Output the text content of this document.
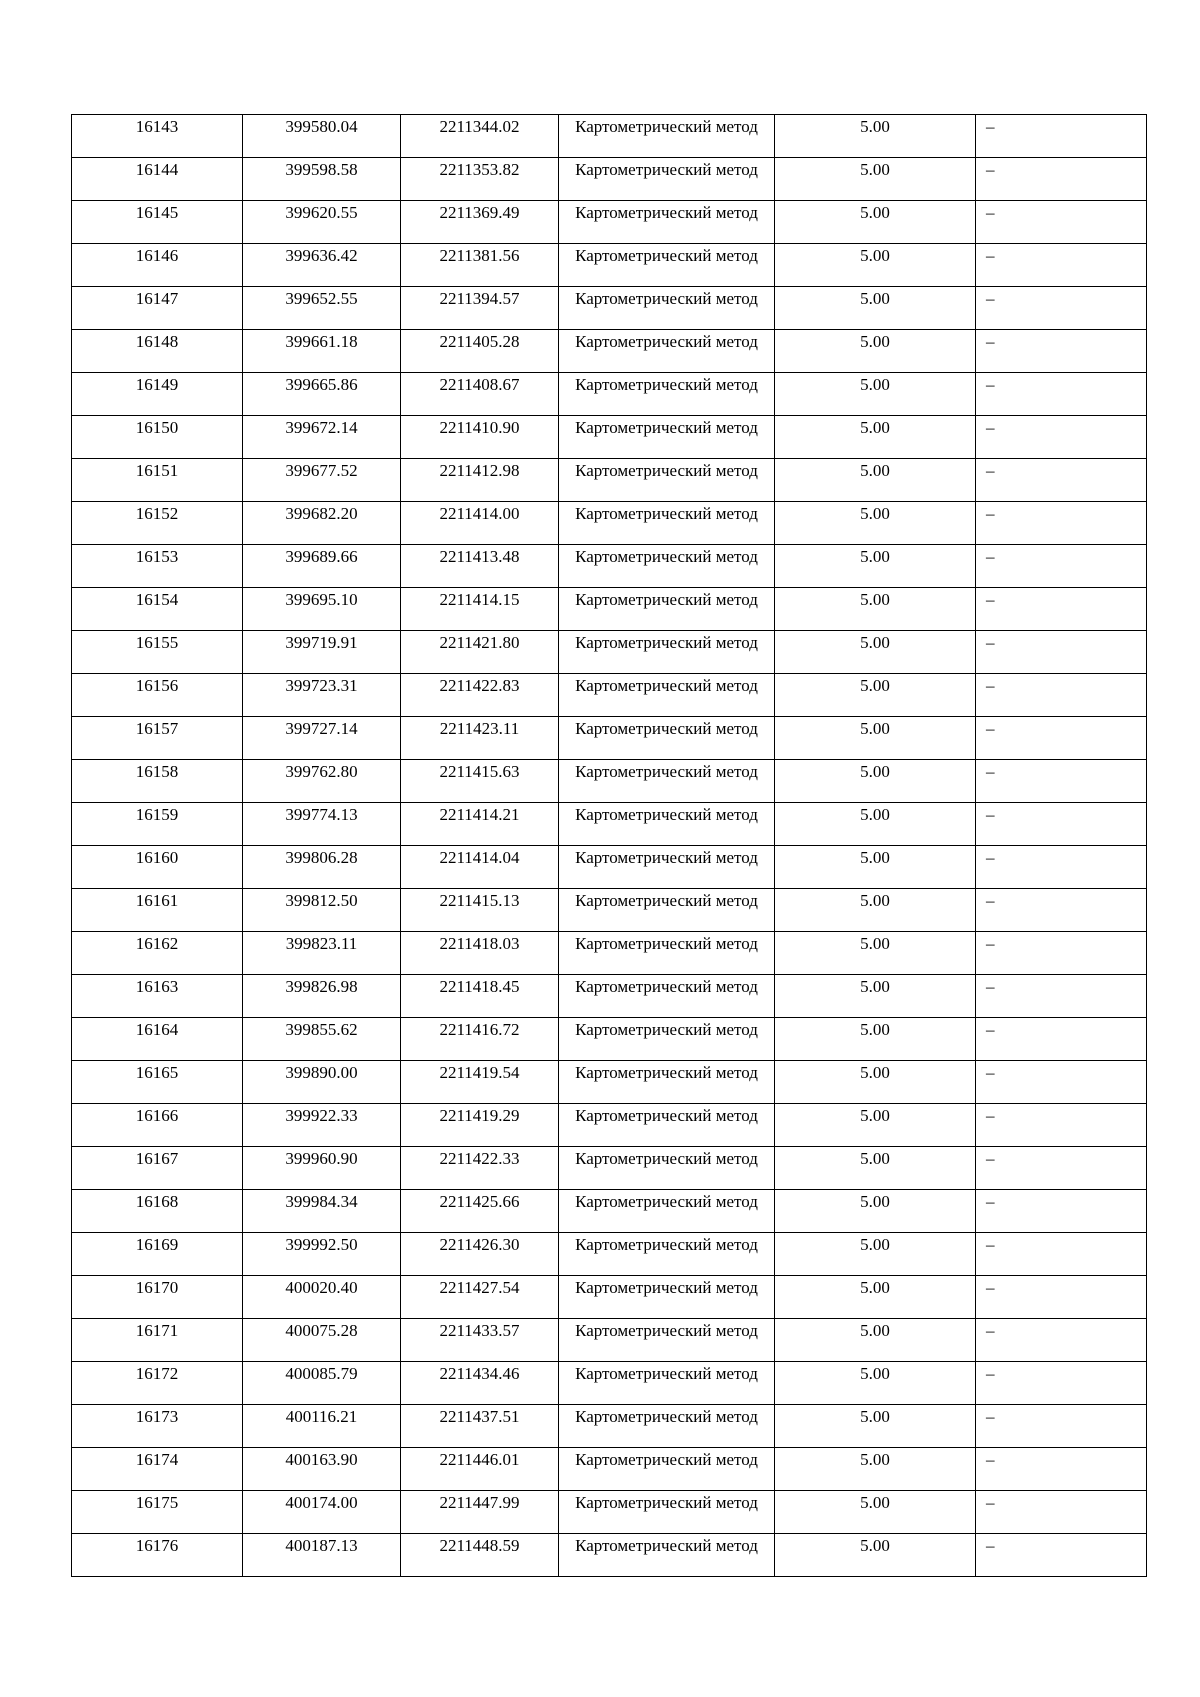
16143	399580.04	2211344.02	Картометрический метод	5.00	–

16144	399598.58	2211353.82	Картометрический метод	5.00	–

16145	399620.55	2211369.49	Картометрический метод	5.00	–

16146	399636.42	2211381.56	Картометрический метод	5.00	–

16147	399652.55	2211394.57	Картометрический метод	5.00	–

16148	399661.18	2211405.28	Картометрический метод	5.00	–

16149	399665.86	2211408.67	Картометрический метод	5.00	–

16150	399672.14	2211410.90	Картометрический метод	5.00	–

16151	399677.52	2211412.98	Картометрический метод	5.00	–

16152	399682.20	2211414.00	Картометрический метод	5.00	–

16153	399689.66	2211413.48	Картометрический метод	5.00	–

16154	399695.10	2211414.15	Картометрический метод	5.00	–

16155	399719.91	2211421.80	Картометрический метод	5.00	–

16156	399723.31	2211422.83	Картометрический метод	5.00	–

16157	399727.14	2211423.11	Картометрический метод	5.00	–

16158	399762.80	2211415.63	Картометрический метод	5.00	–

16159	399774.13	2211414.21	Картометрический метод	5.00	–

16160	399806.28	2211414.04	Картометрический метод	5.00	–

16161	399812.50	2211415.13	Картометрический метод	5.00	–

16162	399823.11	2211418.03	Картометрический метод	5.00	–

16163	399826.98	2211418.45	Картометрический метод	5.00	–

16164	399855.62	2211416.72	Картометрический метод	5.00	–

16165	399890.00	2211419.54	Картометрический метод	5.00	–

16166	399922.33	2211419.29	Картометрический метод	5.00	–

16167	399960.90	2211422.33	Картометрический метод	5.00	–

16168	399984.34	2211425.66	Картометрический метод	5.00	–

16169	399992.50	2211426.30	Картометрический метод	5.00	–

16170	400020.40	2211427.54	Картометрический метод	5.00	–

16171	400075.28	2211433.57	Картометрический метод	5.00	–

16172	400085.79	2211434.46	Картометрический метод	5.00	–

16173	400116.21	2211437.51	Картометрический метод	5.00	–

16174	400163.90	2211446.01	Картометрический метод	5.00	–

16175	400174.00	2211447.99	Картометрический метод	5.00	–

16176	400187.13	2211448.59	Картометрический метод	5.00	–
